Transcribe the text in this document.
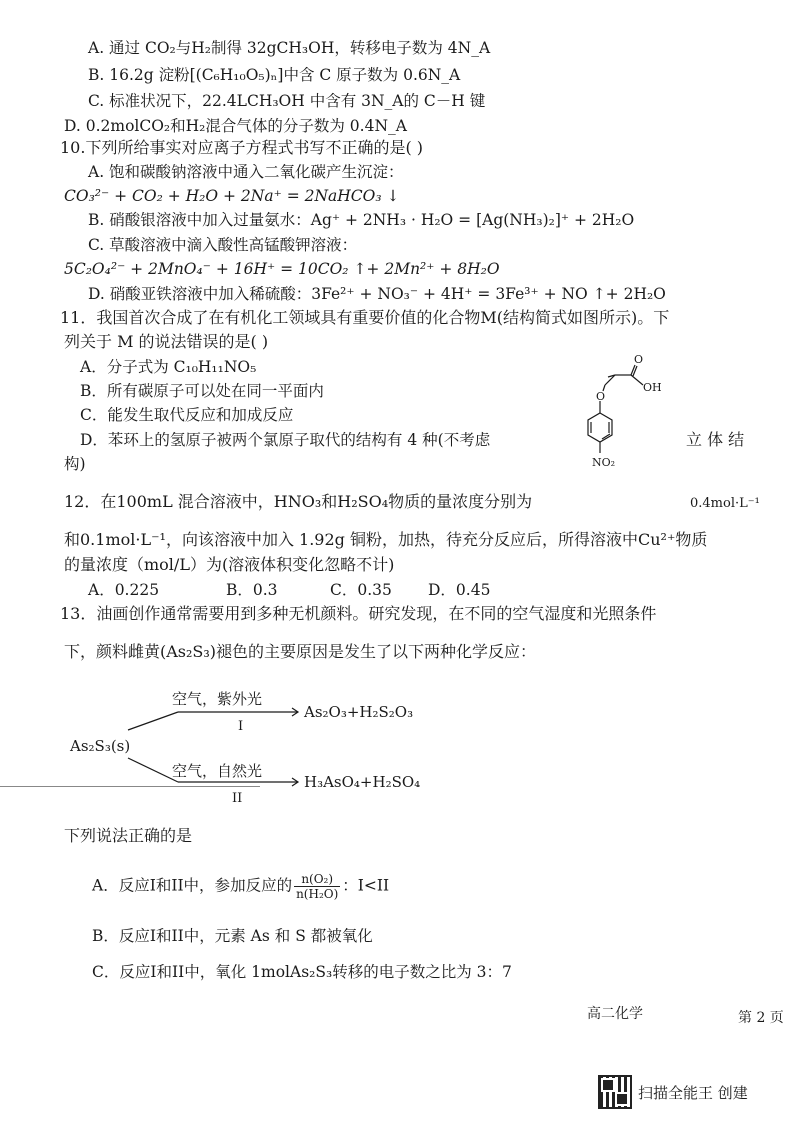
A. 通过 CO₂与H₂制得 32gCH₃OH，转移电子数为 4N_A
B. 16.2g 淀粉[(C₆H₁₀O₅)ₙ]中含 C 原子数为 0.6N_A
C. 标准状况下，22.4LCH₃OH 中含有 3N_A的 C－H 键
D. 0.2molCO₂和H₂混合气体的分子数为 0.4N_A
10.下列所给事实对应离子方程式书写不正确的是( )
A. 饱和碳酸钠溶液中通入二氧化碳产生沉淀：
CO₃²⁻ + CO₂ + H₂O + 2Na⁺ = 2NaHCO₃ ↓
B. 硝酸银溶液中加入过量氨水：Ag⁺ + 2NH₃ · H₂O = [Ag(NH₃)₂]⁺ + 2H₂O
C. 草酸溶液中滴入酸性高锰酸钾溶液：
5C₂O₄²⁻ + 2MnO₄⁻ + 16H⁺ = 10CO₂ ↑+ 2Mn²⁺ + 8H₂O
D. 硝酸亚铁溶液中加入稀硫酸：3Fe²⁺ + NO₃⁻ + 4H⁺ = 3Fe³⁺ + NO ↑+ 2H₂O
11．我国首次合成了在有机化工领域具有重要价值的化合物M(结构简式如图所示)。下
列关于 M 的说法错误的是( )
A．分子式为 C₁₀H₁₁NO₅
B．所有碳原子可以处在同一平面内
C．能发生取代反应和加成反应
D．苯环上的氢原子被两个氯原子取代的结构有 4 种(不考虑	立 体 结
构)
O
OH
O
NO₂
12．在100mL 混合溶液中，HNO₃和H₂SO₄物质的量浓度分别为	0.4mol·L⁻¹
和0.1mol·L⁻¹，向该溶液中加入 1.92g 铜粉，加热，待充分反应后，所得溶液中Cu²⁺物质
的量浓度（mol/L）为(溶液体积变化忽略不计)
A．0.225	B．0.3	C．0.35 D．0.45
13．油画创作通常需要用到多种无机颜料。研究发现，在不同的空气湿度和光照条件
下，颜料雌黄(As₂S₃)褪色的主要原因是发生了以下两种化学反应：
As₂S₃(s)
空气，紫外光
I
As₂O₃+H₂S₂O₃
空气，自然光
II
H₃AsO₄+H₂SO₄
下列说法正确的是
A．反应I和II中，参加反应的 $\frac{\text{n(O₂)}}{\text{n(H₂O)}}$ ：I<II
B．反应I和II中，元素 As 和 S 都被氧化
C．反应I和II中，氧化 1molAs₂S₃转移的电子数之比为 3：7
高二化学	第 2 页
扫描全能王 创建
